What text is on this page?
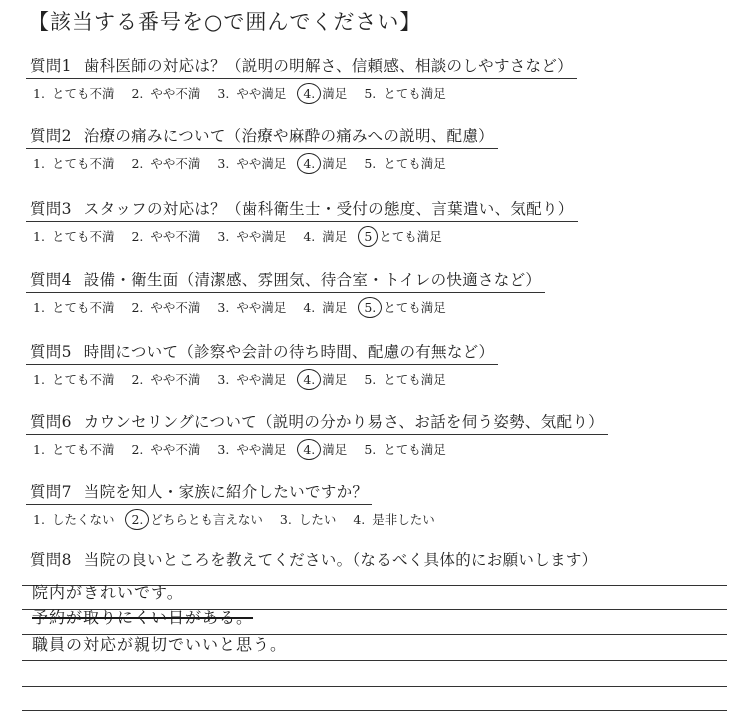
【該当する番号を○で囲んでください】
質問1 歯科医師の対応は？（説明の明解さ、信頼感、相談のしやすさなど）
1. とても不満 2. やや不満 3. やや満足 4. 満足 5. とても満足
質問2 治療の痛みについて（治療や麻酔の痛みへの説明、配慮）
1. とても不満 2. やや不満 3. やや満足 4. 満足 5. とても満足
質問3 スタッフの対応は？（歯科衛生士・受付の態度、言葉遣い、気配り）
1. とても不満 2. やや不満 3. やや満足 4. 満足 5 とても満足
質問4 設備・衛生面（清潔感、雰囲気、待合室・トイレの快適さなど）
1. とても不満 2. やや不満 3. やや満足 4. 満足 5. とても満足
質問5 時間について（診察や会計の待ち時間、配慮の有無など）
1. とても不満 2. やや不満 3. やや満足 4. 満足 5. とても満足
質問6 カウンセリングについて（説明の分かり易さ、お話を伺う姿勢、気配り）
1. とても不満 2. やや不満 3. やや満足 4. 満足 5. とても満足
質問7 当院を知人・家族に紹介したいですか？
1. したくない 2. どちらとも言えない 3. したい 4. 是非したい
質問8 当院の良いところを教えてください。（なるべく具体的にお願いします）
院内がきれいです。
予約が取りにくい日がある。
職員の対応が親切でいいと思う。
